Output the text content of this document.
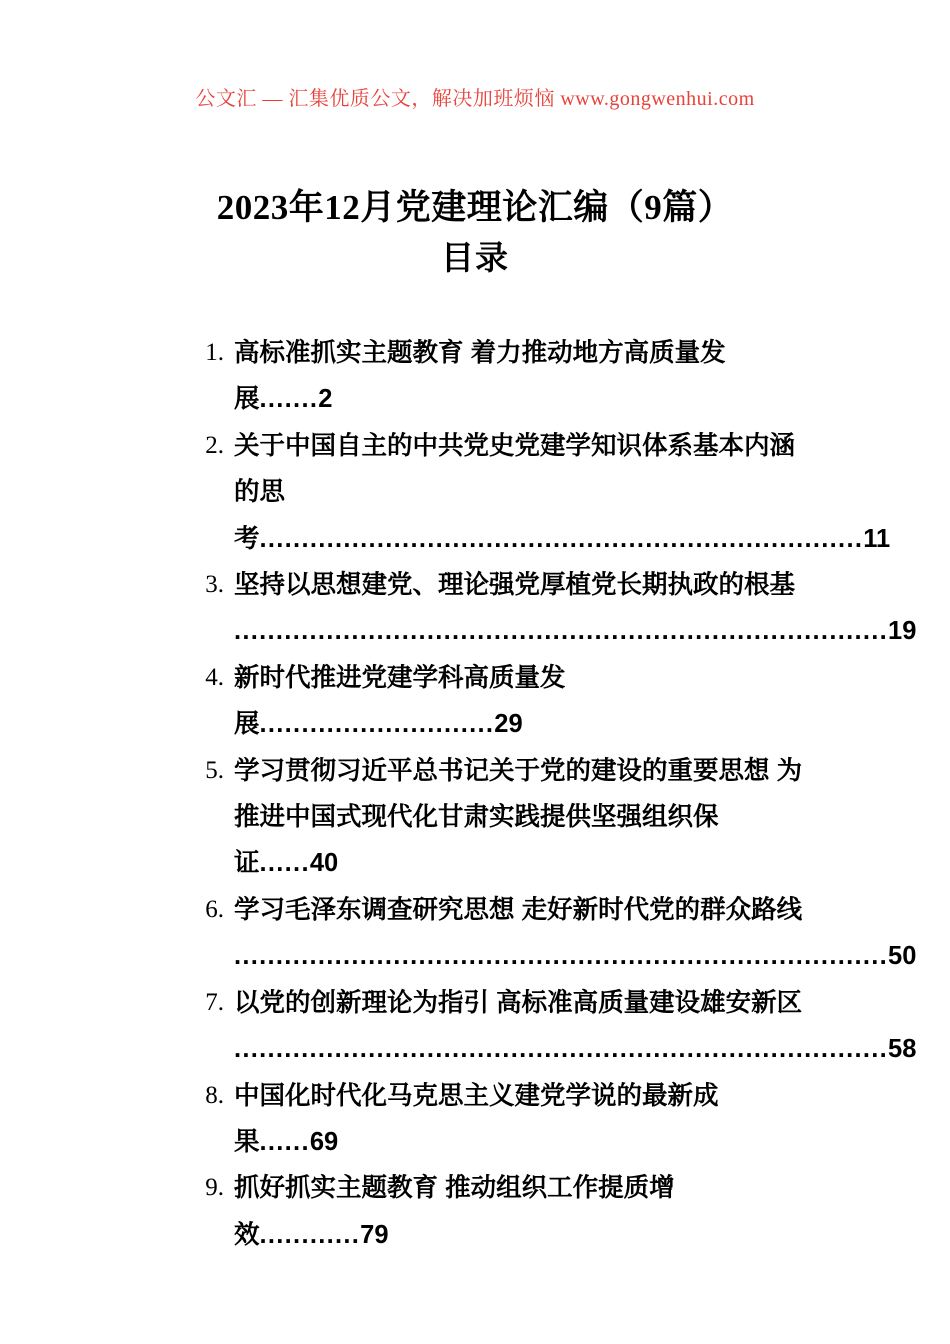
公文汇 — 汇集优质公文，解决加班烦恼 www.gongwenhui.com
2023年12月党建理论汇编（9篇）
目录
1. 高标准抓实主题教育 着力推动地方高质量发展.......2
2. 关于中国自主的中共党史党建学知识体系基本内涵
的思考........................................................................11
3. 坚持以思想建党、理论强党厚植党长期执政的根基
..............................................................................19
4. 新时代推进党建学科高质量发展............................29
5. 学习贯彻习近平总书记关于党的建设的重要思想 为
推进中国式现代化甘肃实践提供坚强组织保证......40
6. 学习毛泽东调查研究思想 走好新时代党的群众路线
..............................................................................50
7. 以党的创新理论为指引 高标准高质量建设雄安新区
..............................................................................58
8. 中国化时代化马克思主义建党学说的最新成果......69
9. 抓好抓实主题教育 推动组织工作提质增效............79
